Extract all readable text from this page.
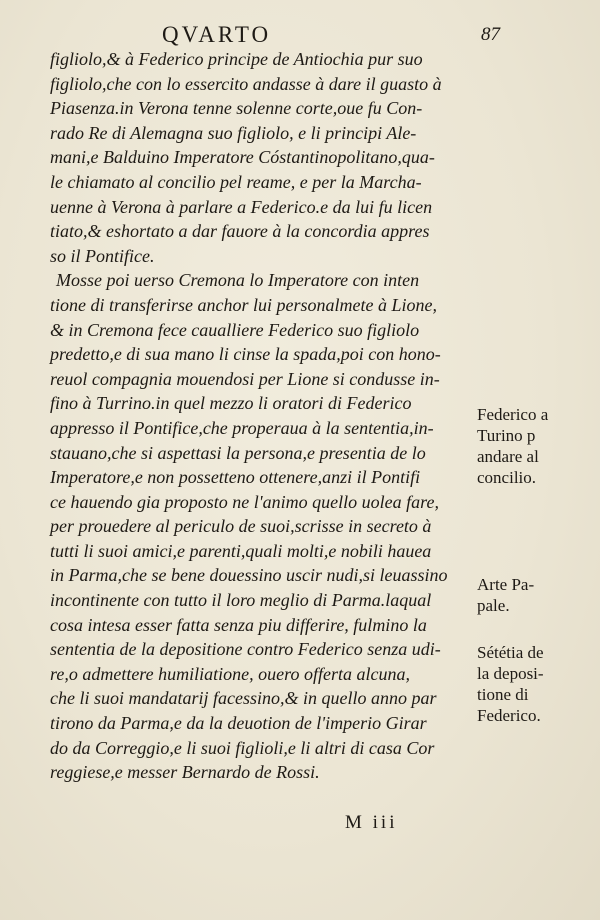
QVARTO	87
figliolo,& à Federico principe de Antiochia pur suo
figliolo,che con lo essercito andasse à dare il guasto à
Piasenza.in Verona tenne solenne corte,oue fu Con-
rado Re di Alemagna suo figliolo, e li principi Ale-
mani,e Balduino Imperatore Cóstantinopolitano,qua-
le chiamato al concilio pel reame, e per la Marcha-
uenne à Verona à parlare a Federico.e da lui fu licen
tiato,& eshortato a dar fauore à la concordia appres
so il Pontifice.
Mosse poi uerso Cremona lo Imperatore con inten
tione di transferirse anchor lui personalmete à Lione,
& in Cremona fece caualliere Federico suo figliolo
predetto,e di sua mano li cinse la spada,poi con hono-
reuol compagnia mouendosi per Lione si condusse in-
fino à Turrino.in quel mezzo li oratori di Federico
appresso il Pontifice,che properaua à la sententia,in-
stauano,che si aspettasi la persona,e presentia de lo
Imperatore,e non possetteno ottenere,anzi il Pontifi
ce hauendo gia proposto ne l'animo quello uolea fare,
per prouedere al periculo de suoi,scrisse in secreto à
tutti li suoi amici,e parenti,quali molti,e nobili hauea
in Parma,che se bene douessino uscir nudi,si leuassino
incontinente con tutto il loro meglio di Parma.laqual
cosa intesa esser fatta senza piu differire, fulmino la
sententia de la depositione contro Federico senza udi-
re,o admettere humiliatione, ouero offerta alcuna,
che li suoi mandatarij facessino,& in quello anno par
tirono da Parma,e da la deuotion de l'imperio Girar
do da Correggio,e li suoi figlioli,e li altri di casa Cor
reggiese,e messer Bernardo de Rossi.
Federico a
Turino p
andare al
concilio.
Arte Pa-
pale.
Sététia de
la deposi-
tione di
Federico.
M iii
